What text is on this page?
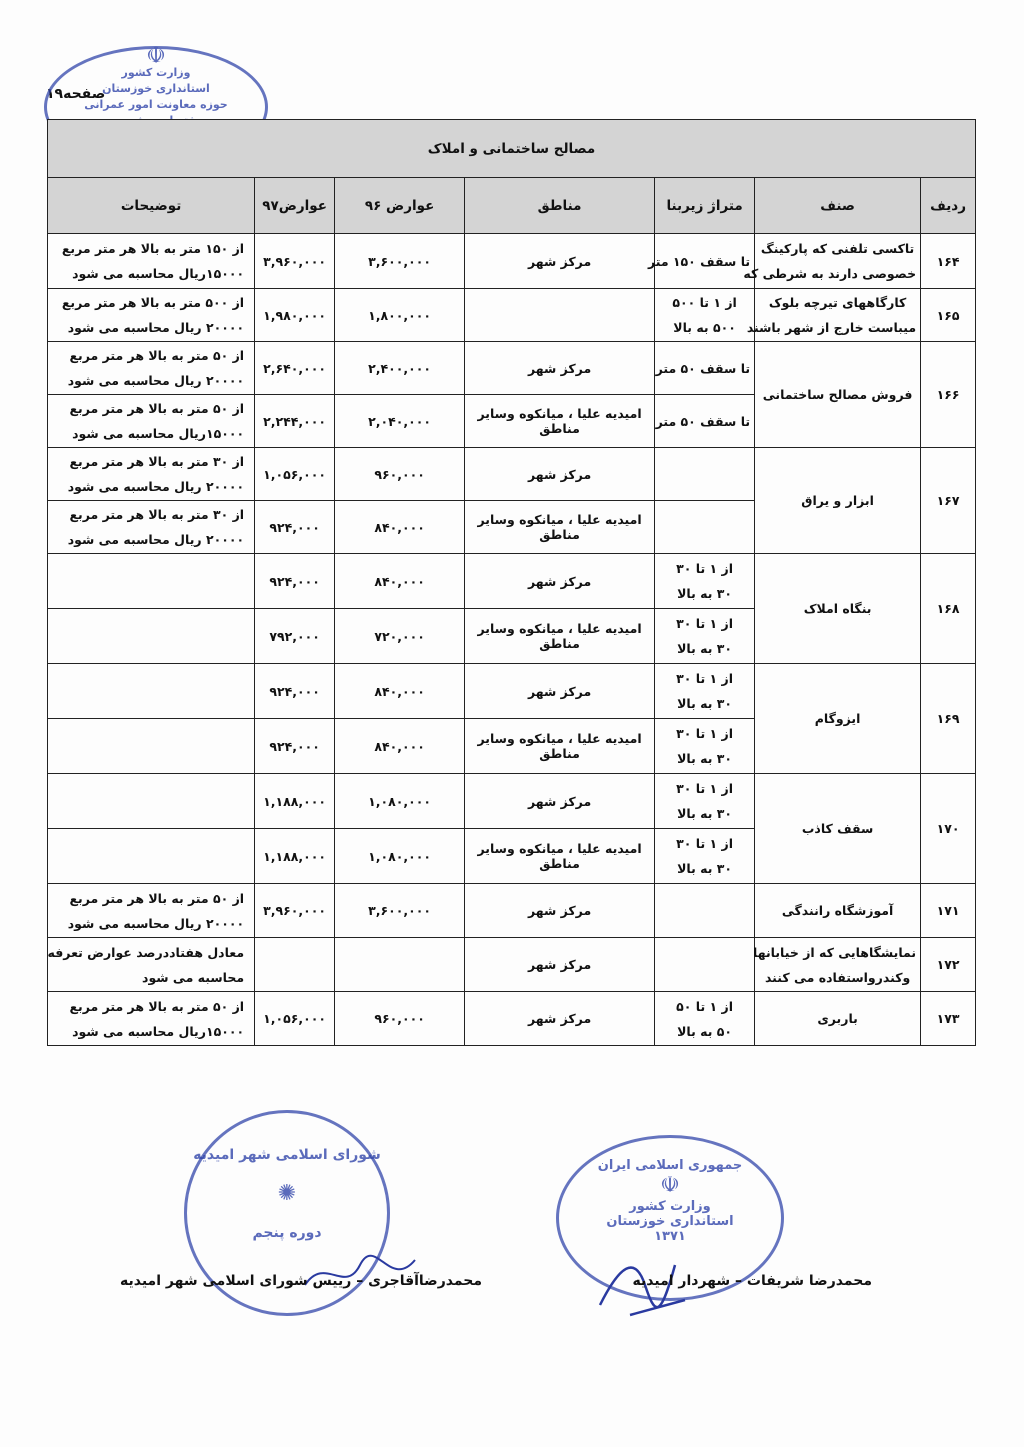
صفحه۱۹
☫
وزارت کشور
استانداری خوزستان
حوزه معاونت امور عمرانی
مصالح ساختمانی و املاک						
ردیف	صنف	متراژ زیربنا	مناطق	عوارض ۹۶	عوارض۹۷	توضیحات
۱۶۴	تاکسی تلفنی که پارکینگ
خصوصی دارند به شرطی که	تا سقف ۱۵۰ متر	مرکز شهر	۳,۶۰۰,۰۰۰	۳,۹۶۰,۰۰۰	از ۱۵۰ متر به بالا هر متر مربع
۱۵۰۰۰ریال محاسبه می شود

۱۶۵	کارگاههای تیرچه بلوک
میباست خارج از شهر باشند	از ۱ تا ۵۰۰
۵۰۰ به بالا		۱,۸۰۰,۰۰۰	۱,۹۸۰,۰۰۰	از ۵۰۰ متر به بالا هر متر مربع
۲۰۰۰۰ ریال محاسبه می شود

۱۶۶	فروش مصالح ساختمانی	تا سقف ۵۰ متر	مرکز شهر	۲,۴۰۰,۰۰۰	۲,۶۴۰,۰۰۰	از ۵۰ متر به بالا هر متر مربع
۲۰۰۰۰ ریال محاسبه می شود

		تا سقف ۵۰ متر	امیدیه علیا ، میانکوه وسایر مناطق	۲,۰۴۰,۰۰۰	۲,۲۴۴,۰۰۰	از ۵۰ متر به بالا هر متر مربع
۱۵۰۰۰ریال محاسبه می شود

۱۶۷	ابزار و یراق		مرکز شهر	۹۶۰,۰۰۰	۱,۰۵۶,۰۰۰	از ۳۰ متر به بالا هر متر مربع
۲۰۰۰۰ ریال محاسبه می شود

			امیدیه علیا ، میانکوه وسایر مناطق	۸۴۰,۰۰۰	۹۲۴,۰۰۰	از ۳۰ متر به بالا هر متر مربع
۲۰۰۰۰ ریال محاسبه می شود

۱۶۸	بنگاه املاک	از ۱ تا ۳۰
۳۰ به بالا	مرکز شهر	۸۴۰,۰۰۰	۹۲۴,۰۰۰	

		از ۱ تا ۳۰
۳۰ به بالا	امیدیه علیا ، میانکوه وسایر مناطق	۷۲۰,۰۰۰	۷۹۲,۰۰۰	

۱۶۹	ایزوگام	از ۱ تا ۳۰
۳۰ به بالا	مرکز شهر	۸۴۰,۰۰۰	۹۲۴,۰۰۰	

		از ۱ تا ۳۰
۳۰ به بالا	امیدیه علیا ، میانکوه وسایر مناطق	۸۴۰,۰۰۰	۹۲۴,۰۰۰	

۱۷۰	سقف کاذب	از ۱ تا ۳۰
۳۰ به بالا	مرکز شهر	۱,۰۸۰,۰۰۰	۱,۱۸۸,۰۰۰	

		از ۱ تا ۳۰
۳۰ به بالا	امیدیه علیا ، میانکوه وسایر مناطق	۱,۰۸۰,۰۰۰	۱,۱۸۸,۰۰۰	

۱۷۱	آموزشگاه رانندگی		مرکز شهر	۳,۶۰۰,۰۰۰	۳,۹۶۰,۰۰۰	از ۵۰ متر به بالا هر متر مربع
۲۰۰۰۰ ریال محاسبه می شود

۱۷۲	نمایشگاهایی که از خیابانها
وکندرواستفاده می کنند		مرکز شهر			معادل هفتاددرصد عوارض تعرفه
محاسبه می شود

۱۷۳	باربری	از ۱ تا ۵۰
۵۰ به بالا	مرکز شهر	۹۶۰,۰۰۰	۱,۰۵۶,۰۰۰	از ۵۰ متر به بالا هر متر مربع
۱۵۰۰۰ریال محاسبه می شود
شورای اسلامی شهر امیدیه
✺
دوره پنجم
جمهوری اسلامی ایران
☫
وزارت کشور
استانداری خوزستان
۱۳۷۱
محمدرضا شریفات – شهردار امیدیه
محمدرضاآقاجری – رییس شورای اسلامی شهر امیدیه
